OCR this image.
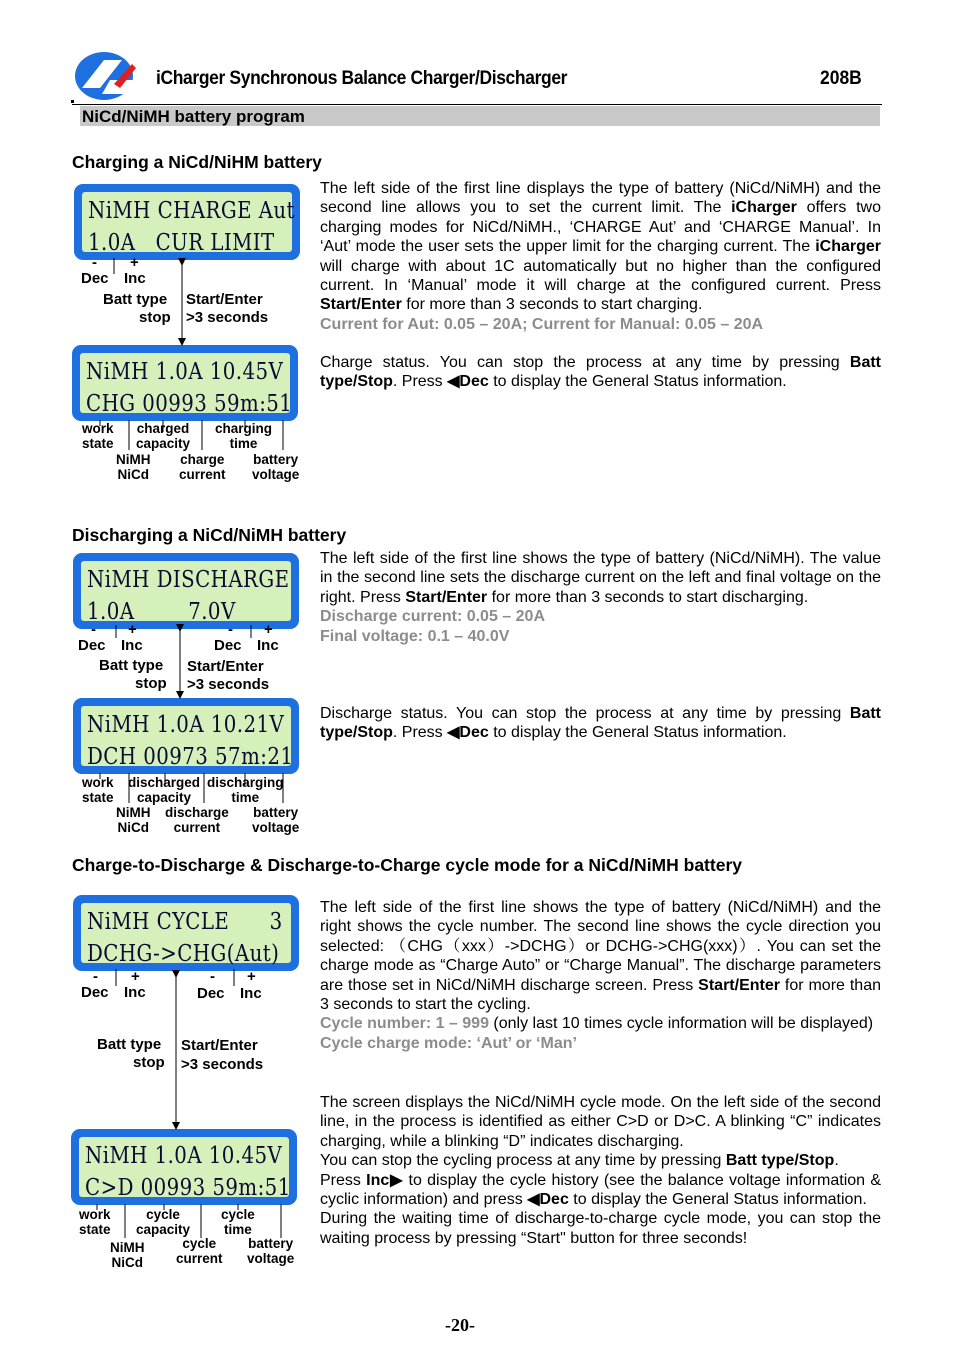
iCharger Synchronous Balance Charger/Discharger	208B
NiCd/NiMH battery program
Charging a NiCd/NiHM battery
NiMH CHARGE Aut
1.0A   CUR LIMIT
- +
Dec Inc
Batt type
stop
Start/Enter
>3 seconds
NiMH 1.0A 10.45V
CHG 00993 59m:51
work
state
charged
capacity
charging
time
NiMH
NiCd
charge
current
battery
voltage
The left side of the first line displays the type of battery (NiCd/NiMH) and the second line allows you to set the current limit. The iCharger offers two charging modes for NiCd/NiMH., ‘CHARGE Aut’ and ‘CHARGE Manual’. In ‘Aut’ mode the user sets the upper limit for the charging current. The iCharger will charge with about 1C automatically but no higher than the configured current. In ‘Manual’ mode it will charge at the configured current. Press Start/Enter for more than 3 seconds to start charging.
Current for Aut: 0.05 – 20A; Current for Manual: 0.05 – 20A
Charge status. You can stop the process at any time by pressing Batt type/Stop. Press ◀Dec to display the General Status information.
Discharging a NiCd/NiMH battery
NiMH DISCHARGE
1.0A        7.0V
- +
Dec Inc
- +
Dec Inc
Batt type
stop
Start/Enter
>3 seconds
NiMH 1.0A 10.21V
DCH 00973 57m:21
work
state
discharged
capacity
discharging
time
NiMH
NiCd
discharge
current
battery
voltage
The left side of the first line shows the type of battery (NiCd/NiMH). The value in the second line sets the discharge current on the left and final voltage on the right. Press Start/Enter for more than 3 seconds to start discharging.
Discharge current: 0.05 – 20A
Final voltage: 0.1 – 40.0V
Discharge status. You can stop the process at any time by pressing Batt type/Stop. Press ◀Dec to display the General Status information.
Charge-to-Discharge & Discharge-to-Charge cycle mode for a NiCd/NiMH battery
NiMH CYCLE      3
DCHG->CHG(Aut)
- +
Dec Inc
- +
Dec Inc
Batt type
stop
Start/Enter
>3 seconds
NiMH 1.0A 10.45V
C>D 00993 59m:51
work
state
cycle
capacity
cycle
time
NiMH
NiCd
cycle
current
battery
voltage
The left side of the first line shows the type of battery (NiCd/NiMH) and the right shows the cycle number. The second line shows the cycle direction you selected: （CHG（xxx）->DCHG）or DCHG->CHG(xxx)）. You can set the charge mode as “Charge Auto” or “Charge Manual”. The discharge parameters are those set in NiCd/NiMH discharge screen. Press Start/Enter for more than 3 seconds to start the cycling.
Cycle number: 1 – 999 (only last 10 times cycle information will be displayed)
Cycle charge mode: ‘Aut’ or ‘Man’
The screen displays the NiCd/NiMH cycle mode. On the left side of the second line, in the process is identified as either C>D or D>C. A blinking “C” indicates charging, while a blinking “D” indicates discharging.
You can stop the cycling process at any time by pressing Batt type/Stop.
Press Inc▶ to display the cycle history (see the balance voltage information & cyclic information) and press ◀Dec to display the General Status information.
During the waiting time of discharge-to-charge cycle mode, you can stop the waiting process by pressing “Start" button for three seconds!
-20-
